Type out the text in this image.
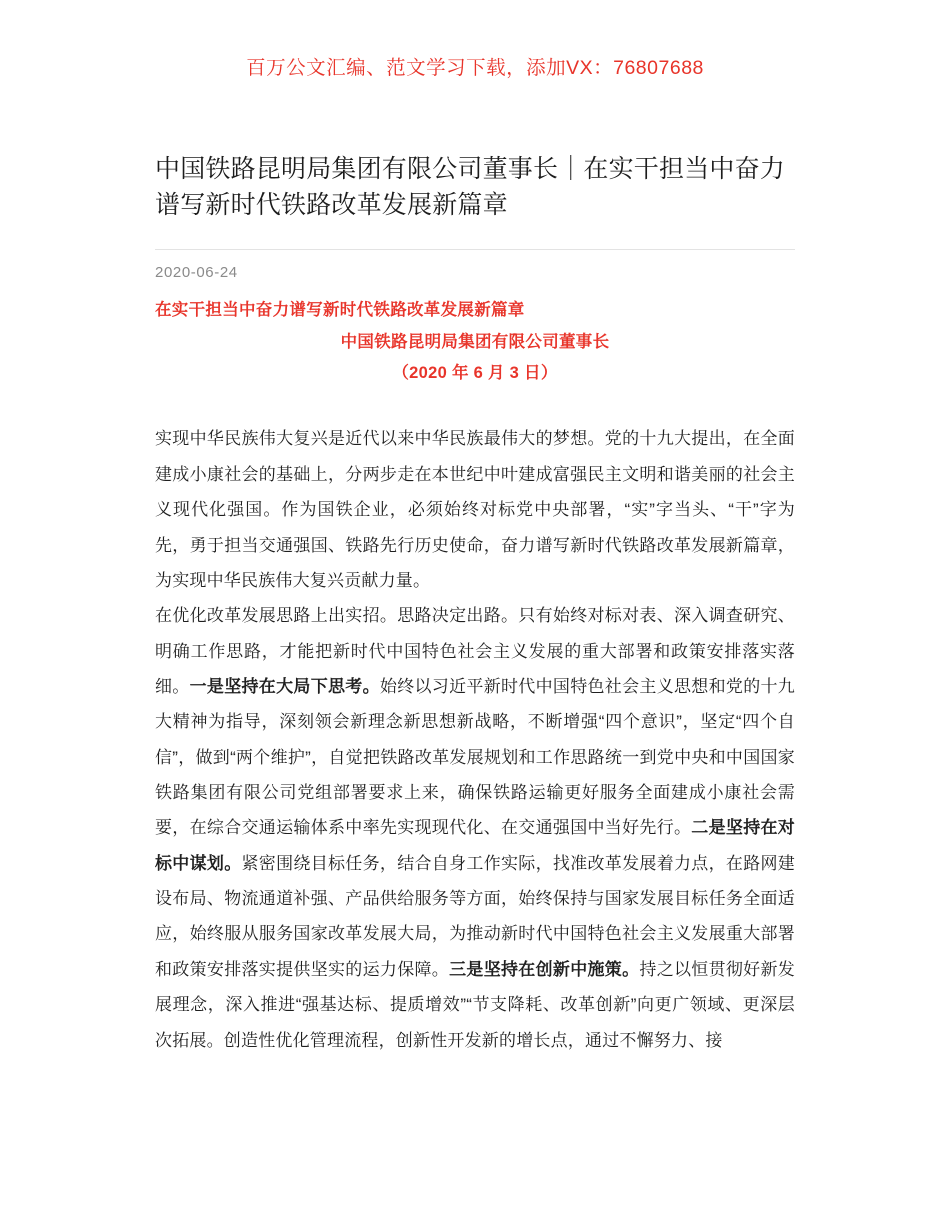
百万公文汇编、范文学习下载，添加VX：76807688
中国铁路昆明局集团有限公司董事长｜在实干担当中奋力谱写新时代铁路改革发展新篇章
2020-06-24
在实干担当中奋力谱写新时代铁路改革发展新篇章
中国铁路昆明局集团有限公司董事长
（2020 年 6 月 3 日）

实现中华民族伟大复兴是近代以来中华民族最伟大的梦想。党的十九大提出，在全面建成小康社会的基础上，分两步走在本世纪中叶建成富强民主文明和谐美丽的社会主义现代化强国。作为国铁企业，必须始终对标党中央部署，“实”字当头、“干”字为先，勇于担当交通强国、铁路先行历史使命，奋力谱写新时代铁路改革发展新篇章，为实现中华民族伟大复兴贡献力量。

在优化改革发展思路上出实招。思路决定出路。只有始终对标对表、深入调查研究、明确工作思路，才能把新时代中国特色社会主义发展的重大部署和政策安排落实落细。一是坚持在大局下思考。始终以习近平新时代中国特色社会主义思想和党的十九大精神为指导，深刻领会新理念新思想新战略，不断增强“四个意识”，坚定“四个自信”，做到“两个维护”，自觉把铁路改革发展规划和工作思路统一到党中央和中国国家铁路集团有限公司党组部署要求上来，确保铁路运输更好服务全面建成小康社会需要，在综合交通运输体系中率先实现现代化、在交通强国中当好先行。二是坚持在对标中谋划。紧密围绕目标任务，结合自身工作实际，找准改革发展着力点，在路网建设布局、物流通道补强、产品供给服务等方面，始终保持与国家发展目标任务全面适应，始终服从服务国家改革发展大局，为推动新时代中国特色社会主义发展重大部署和政策安排落实提供坚实的运力保障。三是坚持在创新中施策。持之以恒贯彻好新发展理念，深入推进“强基达标、提质增效”“节支降耗、改革创新”向更广领域、更深层次拓展。创造性优化管理流程，创新性开发新的增长点，通过不懈努力、接
